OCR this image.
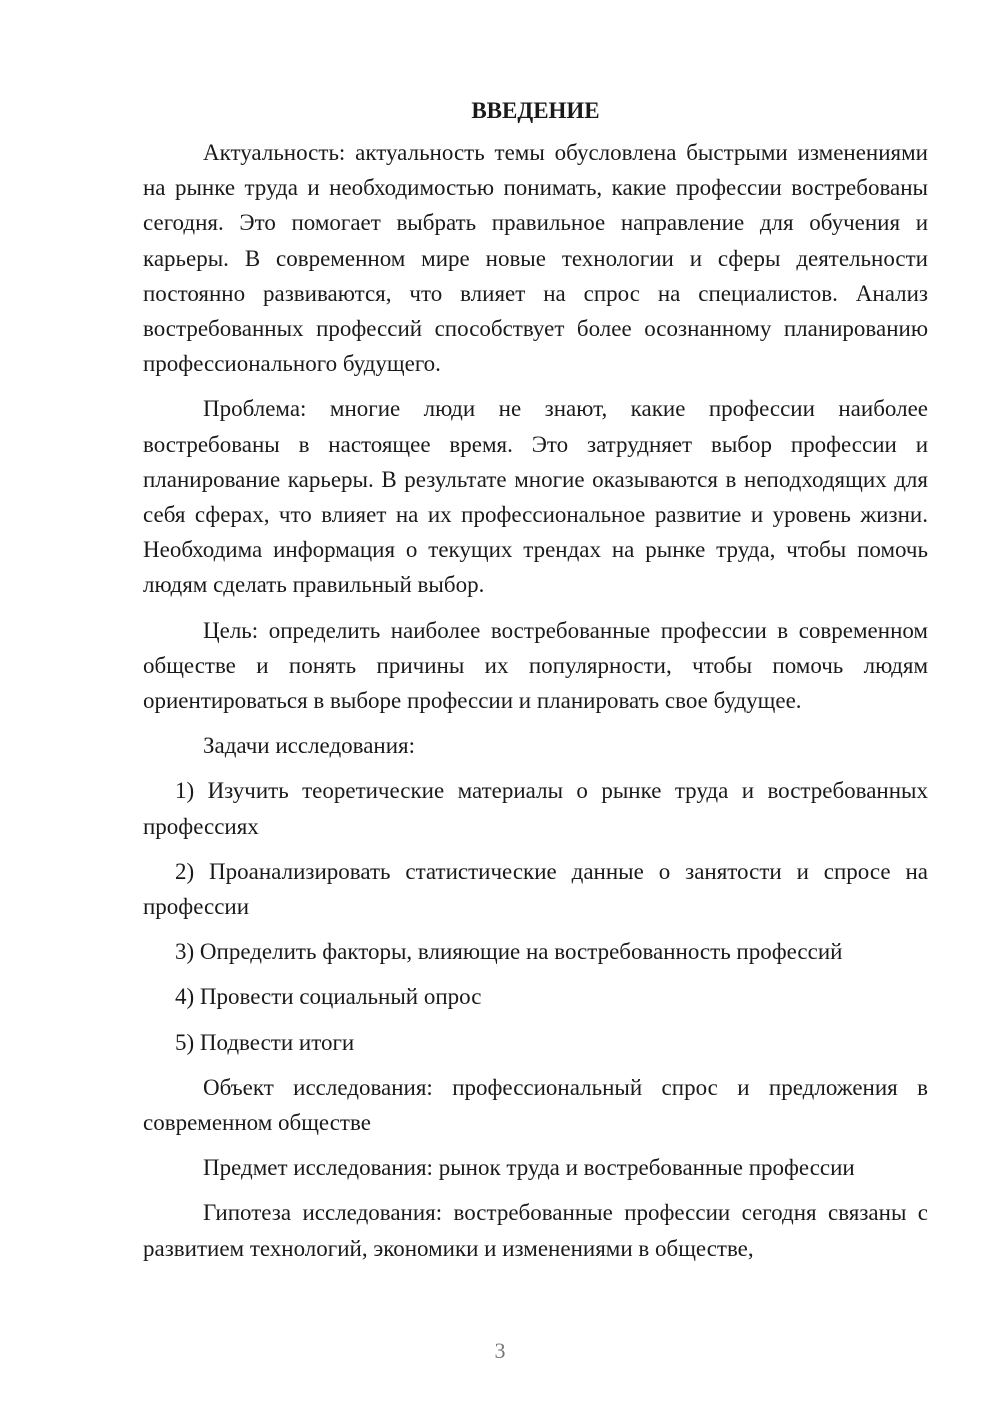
ВВЕДЕНИЕ

Актуальность: актуальность темы обусловлена быстрыми изменениями на рынке труда и необходимостью понимать, какие профессии востребованы сегодня. Это помогает выбрать правильное направление для обучения и карьеры. В современном мире новые технологии и сферы деятельности постоянно развиваются, что влияет на спрос на специалистов. Анализ востребованных профессий способствует более осознанному планированию профессионального будущего.

Проблема: многие люди не знают, какие профессии наиболее востребованы в настоящее время. Это затрудняет выбор профессии и планирование карьеры. В результате многие оказываются в неподходящих для себя сферах, что влияет на их профессиональное развитие и уровень жизни. Необходима информация о текущих трендах на рынке труда, чтобы помочь людям сделать правильный выбор.

Цель: определить наиболее востребованные профессии в современном обществе и понять причины их популярности, чтобы помочь людям ориентироваться в выборе профессии и планировать свое будущее.

Задачи исследования:

1) Изучить теоретические материалы о рынке труда и востребованных профессиях

2) Проанализировать статистические данные о занятости и спросе на профессии

3) Определить факторы, влияющие на востребованность профессий

4) Провести социальный опрос

5) Подвести итоги

Объект исследования: профессиональный спрос и предложения в современном обществе

Предмет исследования: рынок труда и востребованные профессии

Гипотеза исследования: востребованные профессии сегодня связаны с развитием технологий, экономики и изменениями в обществе,

3
